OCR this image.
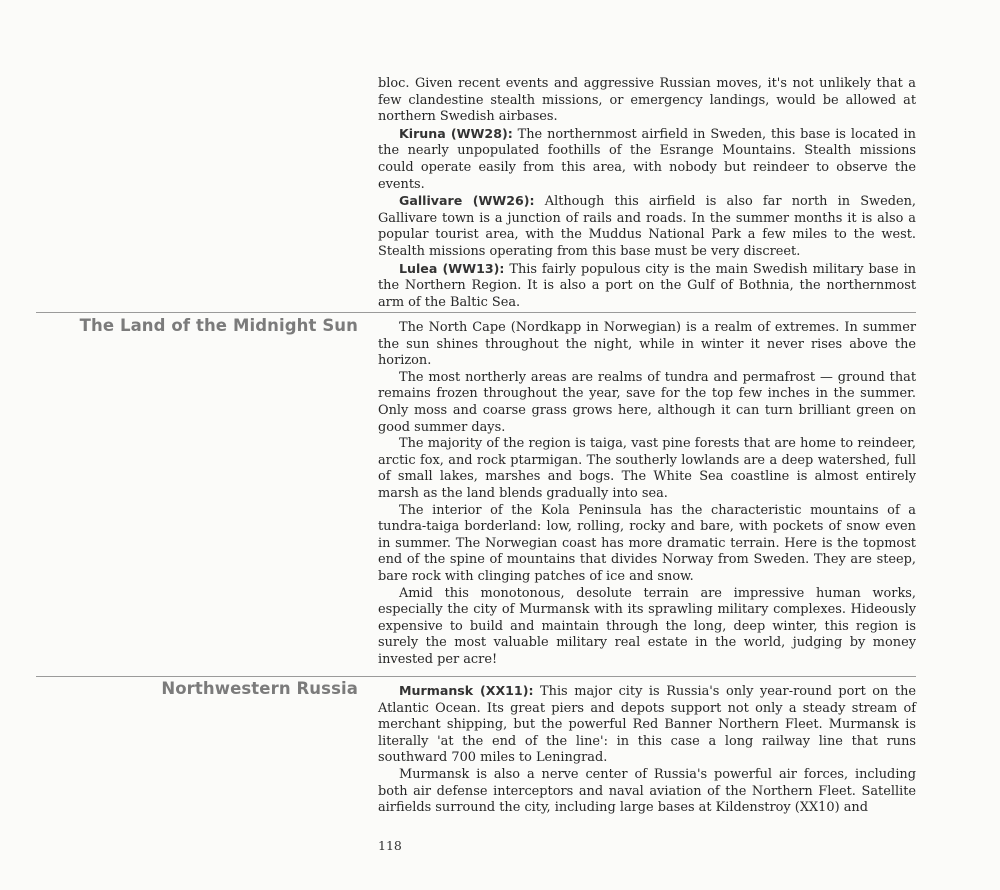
bloc. Given recent events and aggressive Russian moves, it's not unlikely that a few clandestine stealth missions, or emergency landings, would be allowed at northern Swedish airbases.

Kiruna (WW28): The northernmost airfield in Sweden, this base is located in the nearly unpopulated foothills of the Esrange Mountains. Stealth missions could operate easily from this area, with nobody but reindeer to observe the events.

Gallivare (WW26): Although this airfield is also far north in Sweden, Gallivare town is a junction of rails and roads. In the summer months it is also a popular tourist area, with the Muddus National Park a few miles to the west. Stealth missions operating from this base must be very discreet.

Lulea (WW13): This fairly populous city is the main Swedish military base in the Northern Region. It is also a port on the Gulf of Bothnia, the northernmost arm of the Baltic Sea.

The Land of the Midnight Sun	The North Cape (Nordkapp in Norwegian) is a realm of extremes. In summer the sun shines throughout the night, while in winter it never rises above the horizon.

The most northerly areas are realms of tundra and permafrost — ground that remains frozen throughout the year, save for the top few inches in the summer. Only moss and coarse grass grows here, although it can turn brilliant green on good summer days.

The majority of the region is taiga, vast pine forests that are home to reindeer, arctic fox, and rock ptarmigan. The southerly lowlands are a deep watershed, full of small lakes, marshes and bogs. The White Sea coastline is almost entirely marsh as the land blends gradually into sea.

The interior of the Kola Peninsula has the characteristic mountains of a tundra-taiga borderland: low, rolling, rocky and bare, with pockets of snow even in summer. The Norwegian coast has more dramatic terrain. Here is the topmost end of the spine of mountains that divides Norway from Sweden. They are steep, bare rock with clinging patches of ice and snow.

Amid this monotonous, desolute terrain are impressive human works, especially the city of Murmansk with its sprawling military complexes. Hideously expensive to build and maintain through the long, deep winter, this region is surely the most valuable military real estate in the world, judging by money invested per acre!

Northwestern Russia	Murmansk (XX11): This major city is Russia's only year-round port on the Atlantic Ocean. Its great piers and depots support not only a steady stream of merchant shipping, but the powerful Red Banner Northern Fleet. Murmansk is literally 'at the end of the line': in this case a long railway line that runs southward 700 miles to Leningrad.

Murmansk is also a nerve center of Russia's powerful air forces, including both air defense interceptors and naval aviation of the Northern Fleet. Satellite airfields surround the city, including large bases at Kildenstroy (XX10) and

118
